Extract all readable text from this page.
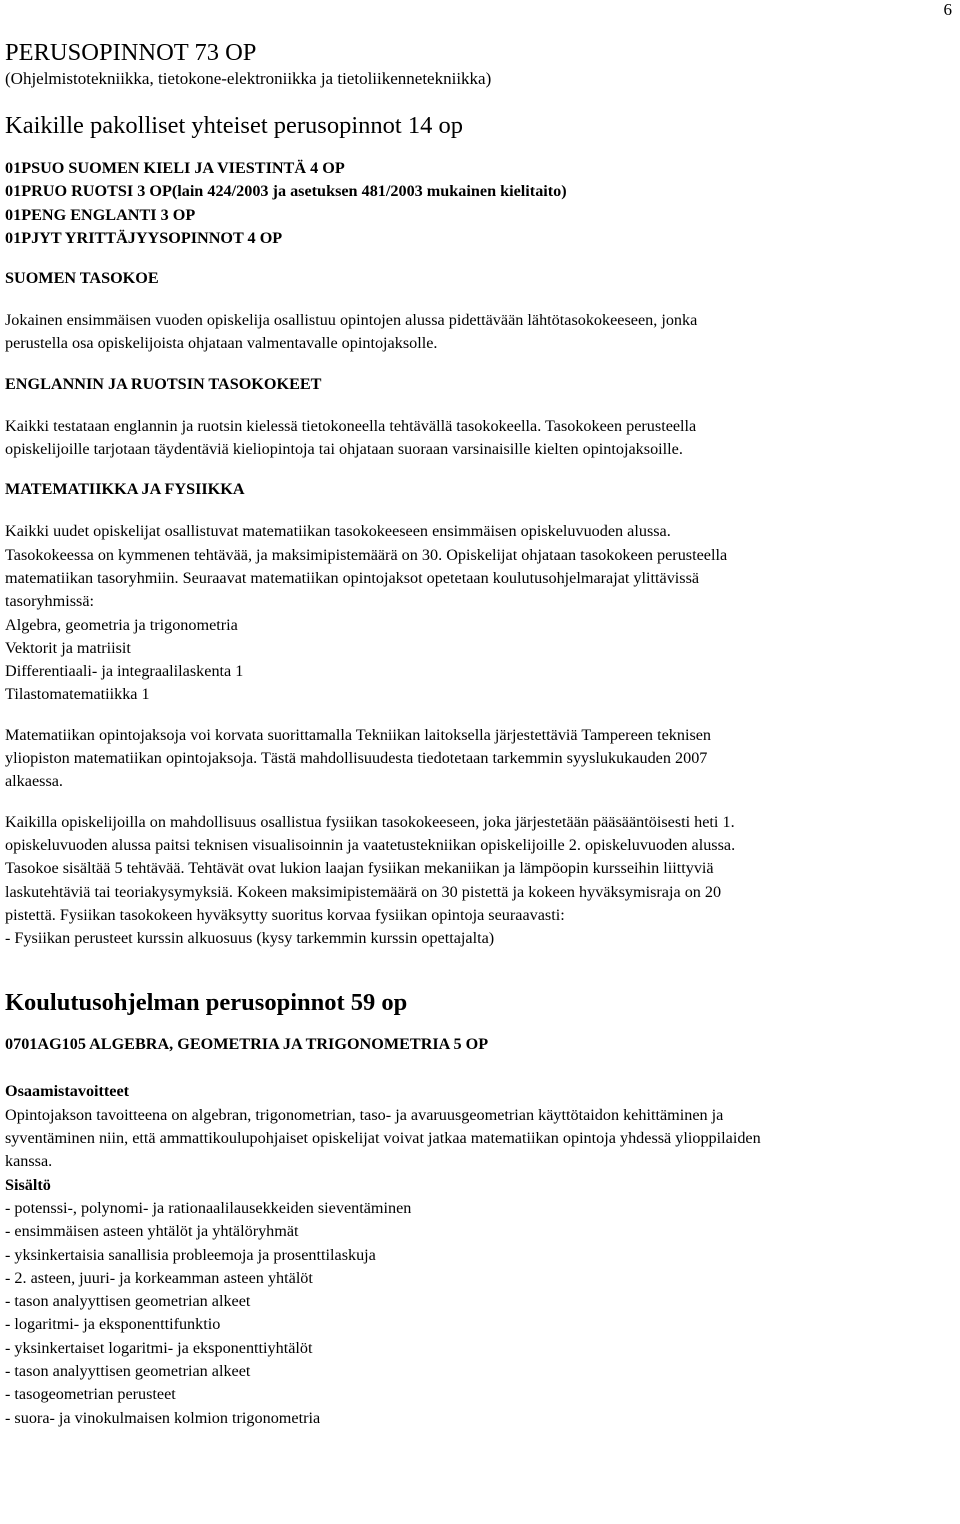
6
PERUSOPINNOT 73 OP

(Ohjelmistotekniikka, tietokone-elektroniikka ja tietoliikennetekniikka)

Kaikille pakolliset yhteiset perusopinnot 14 op

01PSUO SUOMEN KIELI JA VIESTINTÄ 4 OP

01PRUO RUOTSI 3 OP(lain 424/2003 ja asetuksen 481/2003 mukainen kielitaito)

01PENG ENGLANTI 3 OP

01PJYT YRITTÄJYYSOPINNOT 4 OP

SUOMEN TASOKOE

Jokainen ensimmäisen vuoden opiskelija osallistuu opintojen alussa pidettävään lähtötasokokeeseen, jonka

perustella osa opiskelijoista ohjataan valmentavalle opintojaksolle.

ENGLANNIN JA RUOTSIN TASOKOKEET

Kaikki testataan englannin ja ruotsin kielessä tietokoneella tehtävällä tasokokeella. Tasokokeen perusteella

opiskelijoille tarjotaan täydentäviä kieliopintoja tai ohjataan suoraan varsinaisille kielten opintojaksoille.

MATEMATIIKKA JA FYSIIKKA

Kaikki uudet opiskelijat osallistuvat matematiikan tasokokeeseen ensimmäisen opiskeluvuoden alussa.

Tasokokeessa on kymmenen tehtävää, ja maksimipistemäärä on 30. Opiskelijat ohjataan tasokokeen perusteella

matematiikan tasoryhmiin. Seuraavat matematiikan opintojaksot opetetaan koulutusohjelmarajat ylittävissä

tasoryhmissä:

Algebra, geometria ja trigonometria

Vektorit ja matriisit

Differentiaali- ja integraalilaskenta 1

Tilastomatematiikka 1

Matematiikan opintojaksoja voi korvata suorittamalla Tekniikan laitoksella järjestettäviä Tampereen teknisen

yliopiston matematiikan opintojaksoja. Tästä mahdollisuudesta tiedotetaan tarkemmin syyslukukauden 2007

alkaessa.

Kaikilla opiskelijoilla on mahdollisuus osallistua fysiikan tasokokeeseen, joka järjestetään pääsääntöisesti heti 1.

opiskeluvuoden alussa paitsi teknisen visualisoinnin ja vaatetustekniikan opiskelijoille 2. opiskeluvuoden alussa.

Tasokoe sisältää 5 tehtävää. Tehtävät ovat lukion laajan fysiikan mekaniikan ja lämpöopin kursseihin liittyviä

laskutehtäviä tai teoriakysymyksiä. Kokeen maksimipistemäärä on 30 pistettä ja kokeen hyväksymisraja on 20

pistettä. Fysiikan tasokokeen hyväksytty suoritus korvaa fysiikan opintoja seuraavasti:

- Fysiikan perusteet kurssin alkuosuus (kysy tarkemmin kurssin opettajalta)

Koulutusohjelman perusopinnot 59 op

0701AG105 ALGEBRA, GEOMETRIA JA TRIGONOMETRIA 5 OP

Osaamistavoitteet

Opintojakson tavoitteena on algebran, trigonometrian, taso- ja avaruusgeometrian käyttötaidon kehittäminen ja

syventäminen niin, että ammattikoulupohjaiset opiskelijat voivat jatkaa matematiikan opintoja yhdessä ylioppilaiden

kanssa.

Sisältö

- potenssi-, polynomi- ja rationaalilausekkeiden sieventäminen
- ensimmäisen asteen yhtälöt ja yhtälöryhmät
- yksinkertaisia sanallisia probleemoja ja prosenttilaskuja
- 2. asteen, juuri- ja korkeamman asteen yhtälöt
- tason analyyttisen geometrian alkeet
- logaritmi- ja eksponenttifunktio
- yksinkertaiset logaritmi- ja eksponenttiyhtälöt
- tason analyyttisen geometrian alkeet
- tasogeometrian perusteet
- suora- ja vinokulmaisen kolmion trigonometria
